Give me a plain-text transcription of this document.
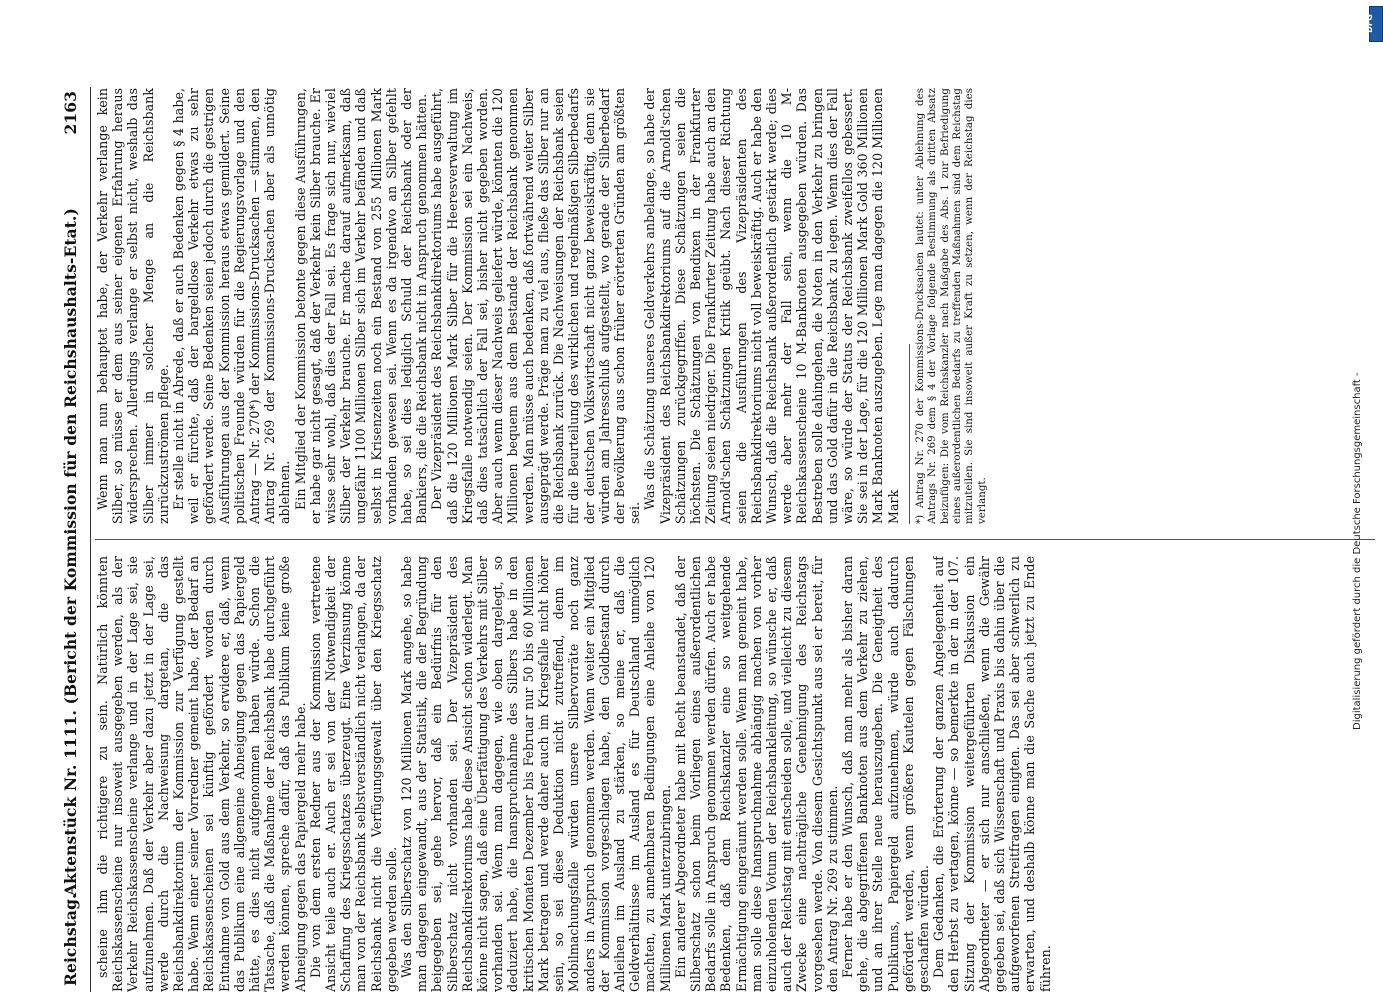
Reichstag.
Aktenstück Nr. 1111. (Bericht der Kommission für den Reichshaushalts-Etat.)
2163

scheine ihm die richtigere zu sein. Natürlich könnten Reichskassenscheine nur insoweit ausgegeben werden, als der Verkehr Reichskassenscheine verlange und in der Lage sei, sie aufzunehmen. Daß der Verkehr aber dazu jetzt in der Lage sei, werde durch die Nachweisung dargetan, die das Reichsbankdirektorium der Kommission zur Verfügung gestellt habe. Wenn einer seiner Vorredner gemeint habe, der Bedarf an Reichskassenscheinen sei künftig gefördert worden durch Entnahme von Gold aus dem Verkehr, so erwidere er, daß, wenn das Publikum eine allgemeine Abneigung gegen das Papiergeld hätte, es dies nicht aufgenommen haben würde. Schon die Tatsache, daß die Maßnahme der Reichsbank habe durchgeführt werden können, spreche dafür, daß das Publikum keine große Abneigung gegen das Papiergeld mehr habe. Die von dem ersten Redner aus der Kommission vertretene Ansicht teile auch er. Auch er sei von der Notwendigkeit der Schaffung des Kriegsschatzes überzeugt. Eine Verzinsung könne man von der Reichsbank selbstverständlich nicht verlangen, da der Reichsbank nicht die Verfügungsgewalt über den Kriegsschatz gegeben werden solle. Was den Silberschatz von 120 Millionen Mark angehe, so habe man dagegen eingewandt, aus der Statistik, die der Begründung beigegeben sei, gehe hervor, daß ein Bedürfnis für den Silberschatz nicht vorhanden sei. Der Vizepräsident des Reichsbankdirektoriums habe diese Ansicht schon widerlegt. Man könne nicht sagen, daß eine Überfättigung des Verkehrs mit Silber vorhanden sei. Wenn man dagegen, wie oben dargelegt, so deduziert habe, die Inanspruchnahme des Silbers habe in den kritischen Monaten Dezember bis Februar nur 50 bis 60 Millionen Mark betragen und werde daher auch im Kriegsfalle nicht höher sein, so sei diese Deduktion nicht zutreffend, denn im Mobilmachungsfalle würden unsere Silbervorräte noch ganz anders in Anspruch genommen werden. Wenn weiter ein Mitglied der Kommission vorgeschlagen habe, den Goldbestand durch Anleihen im Ausland zu stärken, so meine er, daß die Geldverhältnisse im Ausland es für Deutschland unmöglich machten, zu annehmbaren Bedingungen eine Anleihe von 120 Millionen Mark unterzubringen. Ein anderer Abgeordneter habe mit Recht beanstandet, daß der Silberschatz schon beim Vorliegen eines außerordentlichen Bedarfs solle in Anspruch genommen werden dürfen. Auch er habe Bedenken, daß dem Reichskanzler eine so weitgehende Ermächtigung eingeräumt werden solle. Wenn man gemeint habe, man solle diese Inanspruchnahme abhängig machen von vorher einzuholenden Votum der Reichsbankleitung, so wünsche er, daß auch der Reichstag mit entscheiden solle, und vielleicht zu diesem Zwecke eine nachträgliche Genehmigung des Reichstags vorgesehen werde. Von diesem Gesichtspunkt aus sei er bereit, für den Antrag Nr. 269 zu stimmen. Ferner habe er den Wunsch, daß man mehr als bisher daran gehe, die abgegriffenen Banknoten aus dem Verkehr zu ziehen, und an ihrer Stelle neue herauszugeben. Die Geneigtheit des Publikums, Papiergeld aufzunehmen, würde auch dadurch gefördert werden, wenn größere Kautelen gegen Fälschungen geschaffen würden. Dem Gedanken, die Erörterung der ganzen Angelegenheit auf den Herbst zu vertagen, könne — so bemerkte in der in der 107. Sitzung der Kommission weitergeführten Diskussion ein Abgeordneter — er sich nur anschließen, wenn die Gewähr gegeben sei, daß sich Wissenschaft und Praxis bis dahin über die aufgeworfenen Streitfragen einigten. Das sei aber schwerlich zu erwarten, und deshalb könne man die Sache auch jetzt zu Ende führen.

Wenn man nun behauptet habe, der Verkehr verlange kein Silber, so müsse er dem aus seiner eigenen Erfahrung heraus widersprechen. Allerdings verlange er selbst nicht, weshalb das Silber immer in solcher Menge an die Reichsbank zurückzuströmen pflege. Er stelle nicht in Abrede, daß er auch Bedenken gegen § 4 habe, weil er fürchte, daß der bargeldlose Verkehr etwas zu sehr gefördert werde. Seine Bedenken seien jedoch durch die gestrigen Ausführungen aus der Kommission heraus etwas gemildert. Seine politischen Freunde würden für die Regierungsvorlage und den Antrag — Nr. 270*) der Kommissions-Drucksachen — stimmen, den Antrag Nr. 269 der Kommissions-Drucksachen aber als unnötig ablehnen. Ein Mitglied der Kommission betonte gegen diese Ausführungen, er habe gar nicht gesagt, daß der Verkehr kein Silber brauche. Er wisse sehr wohl, daß dies der Fall sei. Es frage sich nur, wieviel Silber der Verkehr brauche. Er mache darauf aufmerksam, daß ungefähr 1100 Millionen Silber sich im Verkehr befänden und daß selbst in Krisenzeiten noch ein Bestand von 255 Millionen Mark vorhanden gewesen sei. Wenn es da irgendwo an Silber gefehlt habe, so sei dies lediglich Schuld der Reichsbank oder der Bankiers, die die Reichsbank nicht in Anspruch genommen hätten. Der Vizepräsident des Reichsbankdirektoriums habe ausgeführt, daß die 120 Millionen Mark Silber für die Heeresverwaltung im Kriegsfalle notwendig seien. Der Kommission sei ein Nachweis, daß dies tatsächlich der Fall sei, bisher nicht gegeben worden. Aber auch wenn dieser Nachweis geliefert würde, könnten die 120 Millionen bequem aus dem Bestande der Reichsbank genommen werden. Man müsse auch bedenken, daß fortwährend weiter Silber ausgeprägt werde. Präge man zu viel aus, fließe das Silber nur an die Reichsbank zurück. Die Nachweisungen der Reichsbank seien für die Beurteilung des wirklichen und regelmäßigen Silberbedarfs der deutschen Volkswirtschaft nicht ganz beweiskräftig, denn sie würden am Jahresschluß aufgestellt, wo gerade der Silberbedarf der Bevölkerung aus schon früher erörterten Gründen am größten sei.

Was die Schätzung unseres Geldverkehrs anbelange, so habe der Vizepräsident des Reichsbankdirektoriums auf die Arnold'schen Schätzungen zurückgegriffen. Diese Schätzungen seien die höchsten. Die Schätzungen von Bendixen in der Frankfurter Zeitung seien niedriger. Die Frankfurter Zeitung habe auch an den Arnold'schen Schätzungen Kritik geübt. Nach dieser Richtung seien die Ausführungen des Vizepräsidenten des Reichsbankdirektoriums nicht voll beweiskräftig. Auch er habe den Wunsch, daß die Reichsbank außerordentlich gestärkt werde; dies werde aber mehr der Fall sein, wenn die 10 M-Reichskassenscheine 10 M-Banknoten ausgegeben würden. Das Bestreben solle dahingehen, die Noten in den Verkehr zu bringen und das Gold dafür in die Reichsbank zu legen. Wenn dies der Fall wäre, so würde der Status der Reichsbank zweifellos gebessert. Sie sei in der Lage, für die 120 Millionen Mark Gold 360 Millionen Mark Banknoten auszugeben. Lege man dagegen die 120 Millionen Mark *) Antrag Nr. 270 der Kommissions-Drucksachen lautet: unter Ablehnung des Antrags Nr. 269 dem § 4 der Vorlage folgende Bestimmung als dritten Absatz beizufügen: Die vom Reichskanzler nach Maßgabe des Abs. 1 zur Befriedigung eines außerordentlichen Bedarfs zu treffenden Maßnahmen sind dem Reichstag mitzuteilen. Sie sind insoweit außer Kraft zu setzen, wenn der Reichstag dies verlangt.	Digitalisierung gefördert durch die Deutsche Forschungsgemeinschaft -
DFG
